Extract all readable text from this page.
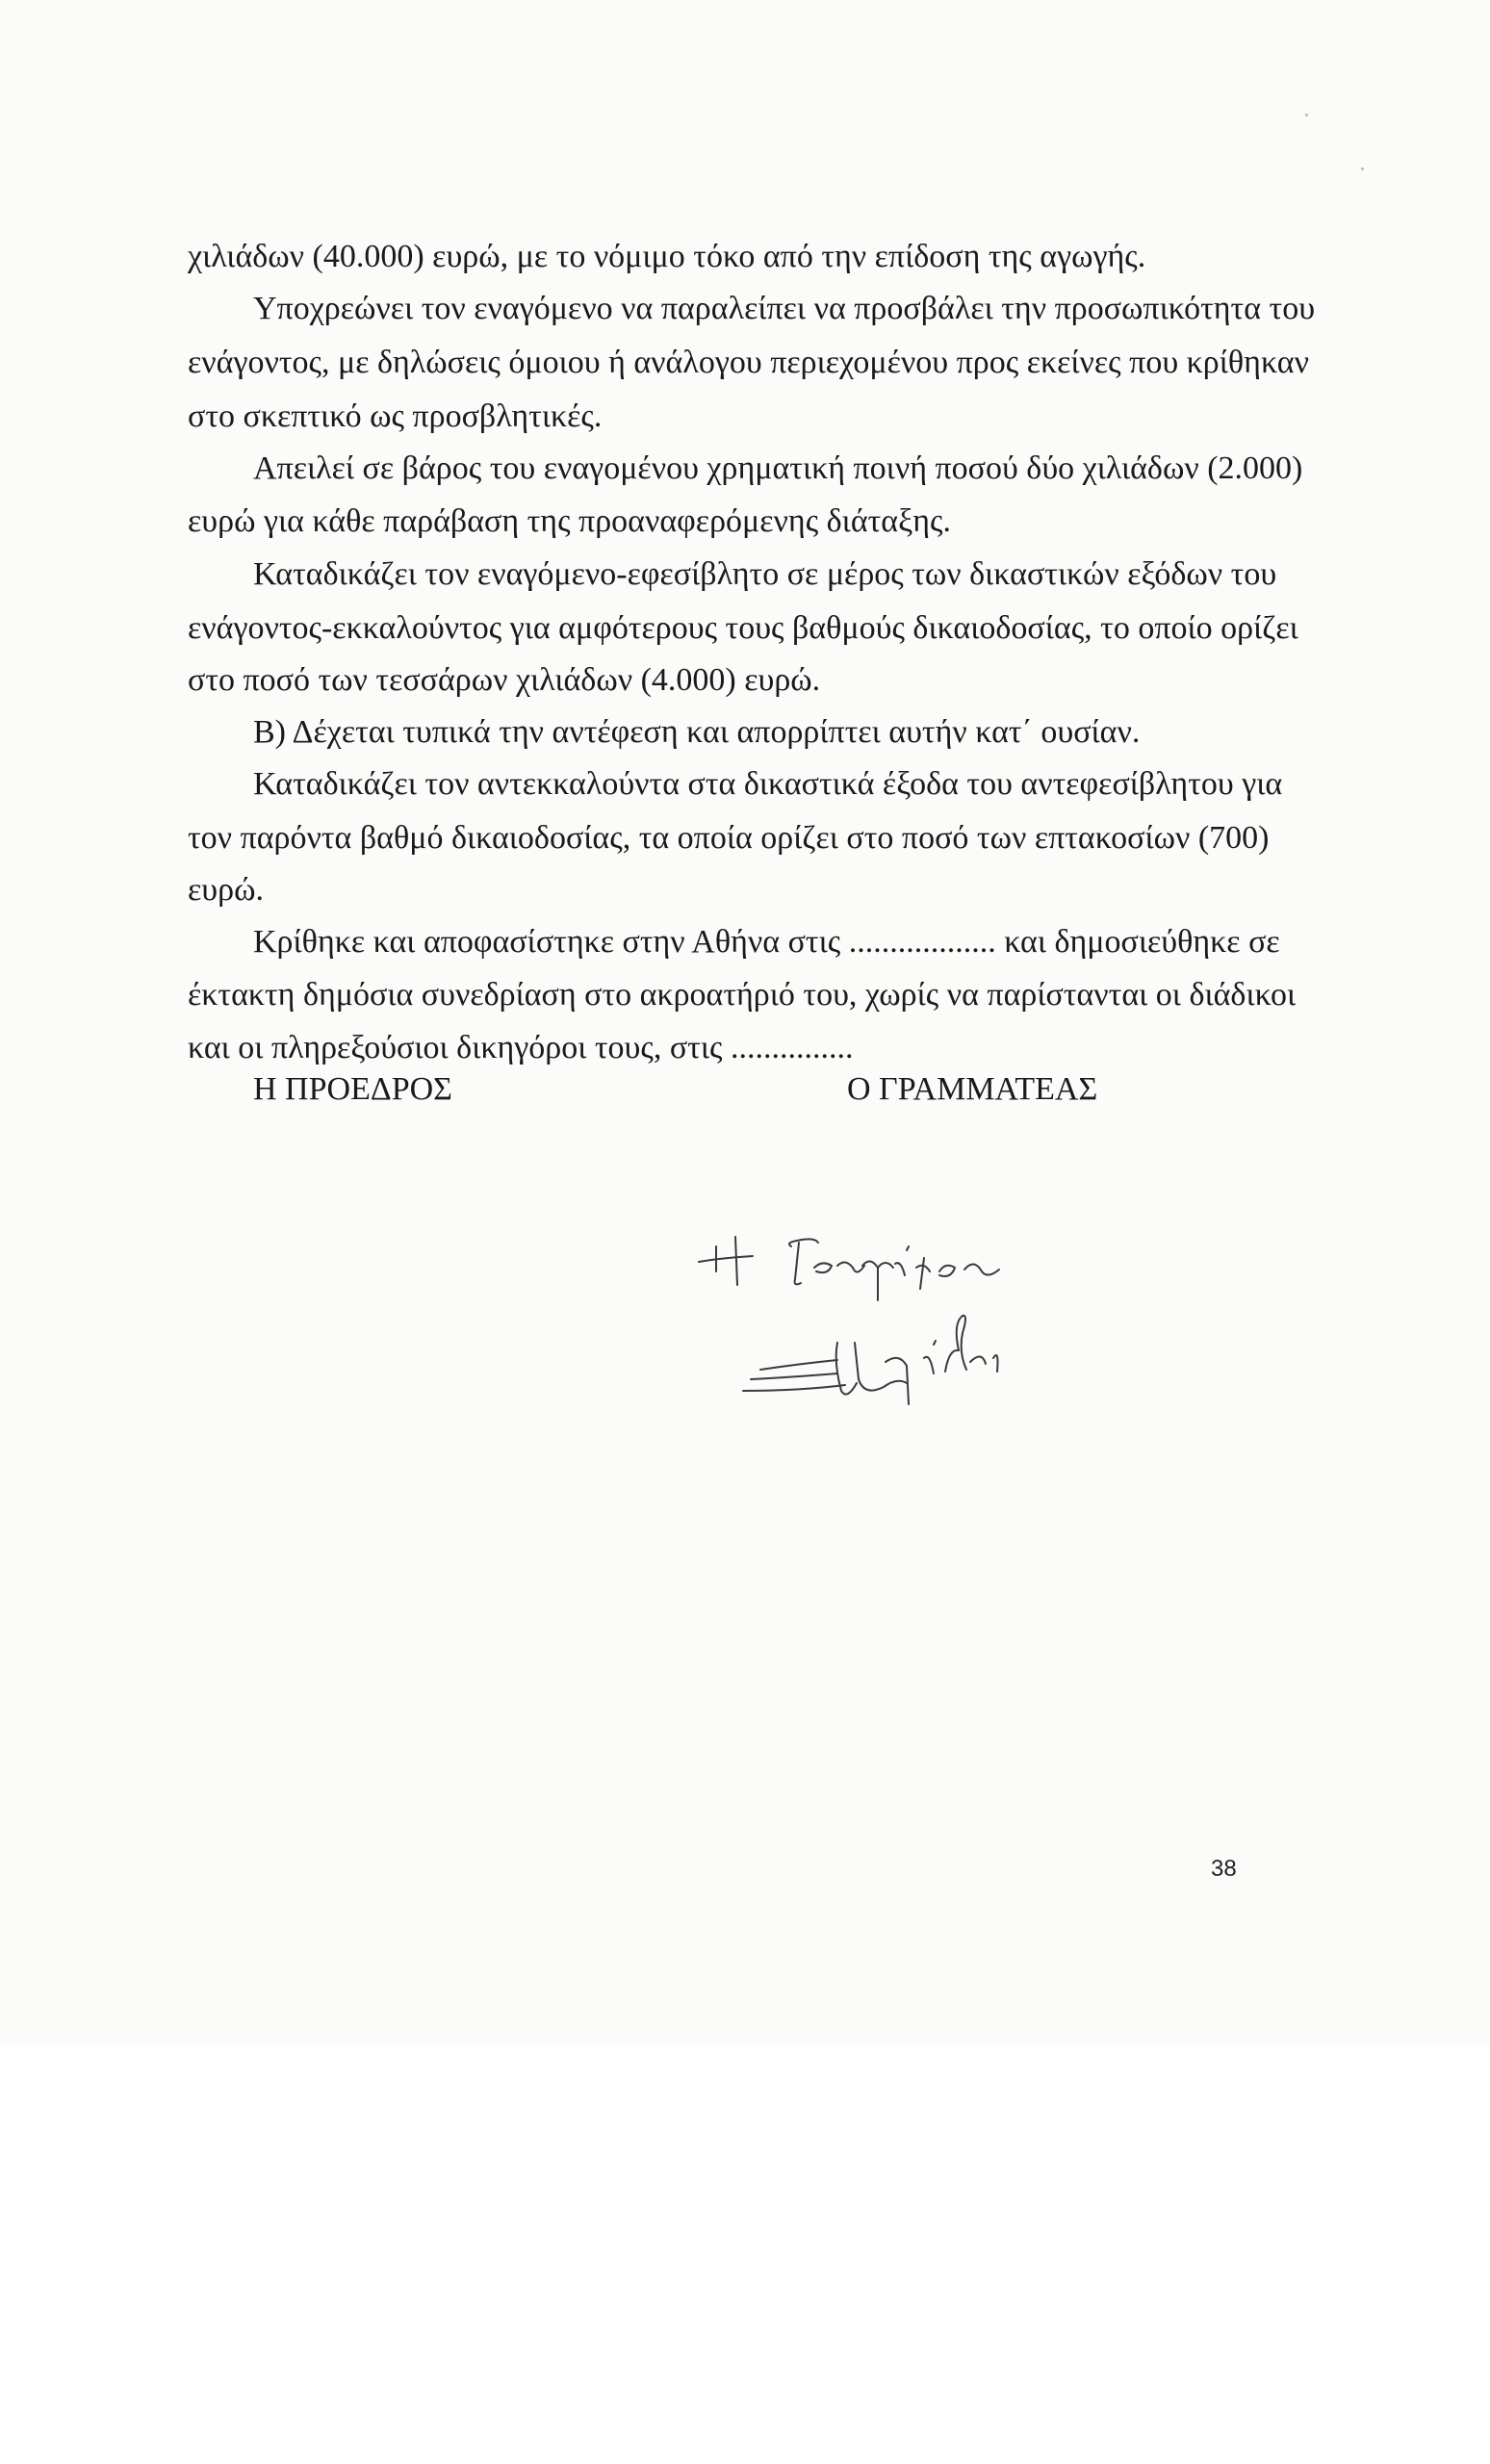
χιλιάδων (40.000) ευρώ, με το νόμιμο τόκο από την επίδοση της αγωγής.
Υποχρεώνει τον εναγόμενο να παραλείπει να προσβάλει την προσωπικότητα του
ενάγοντος, με δηλώσεις όμοιου ή ανάλογου περιεχομένου προς εκείνες που κρίθηκαν
στο σκεπτικό ως προσβλητικές.
Απειλεί σε βάρος του εναγομένου χρηματική ποινή ποσού δύο χιλιάδων (2.000)
ευρώ για κάθε παράβαση της προαναφερόμενης διάταξης.
Καταδικάζει τον εναγόμενο-εφεσίβλητο σε μέρος των δικαστικών εξόδων του
ενάγοντος-εκκαλούντος για αμφότερους τους βαθμούς δικαιοδοσίας, το οποίο ορίζει
στο ποσό των τεσσάρων χιλιάδων (4.000) ευρώ.
Β) Δέχεται τυπικά την αντέφεση και απορρίπτει αυτήν κατ΄ ουσίαν.
Καταδικάζει τον αντεκκαλούντα στα δικαστικά έξοδα του αντεφεσίβλητου για
τον παρόντα βαθμό δικαιοδοσίας, τα οποία ορίζει στο ποσό των επτακοσίων (700)
ευρώ.
Κρίθηκε και αποφασίστηκε στην Αθήνα στις .................. και δημοσιεύθηκε σε
έκτακτη δημόσια συνεδρίαση στο ακροατήριό του, χωρίς να παρίστανται οι διάδικοι
και οι πληρεξούσιοι δικηγόροι τους, στις ...............
Η ΠΡΟΕΔΡΟΣ	Ο ΓΡΑΜΜΑΤΕΑΣ
38
